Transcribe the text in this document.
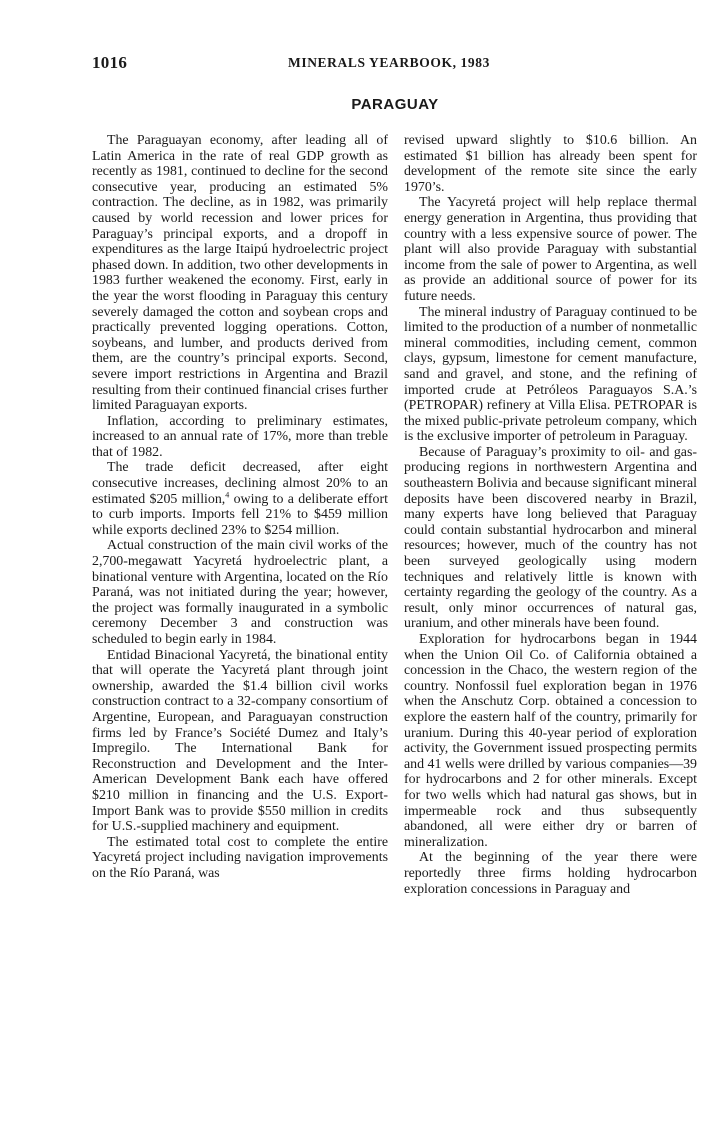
1016	MINERALS YEARBOOK, 1983
PARAGUAY

The Paraguayan economy, after leading all of Latin America in the rate of real GDP growth as recently as 1981, continued to decline for the second consecutive year, producing an estimated 5% contraction. The decline, as in 1982, was primarily caused by world recession and lower prices for Paraguay’s principal exports, and a dropoff in expenditures as the large Itaipú hydroelectric project phased down. In addition, two other developments in 1983 further weakened the economy. First, early in the year the worst flooding in Paraguay this century severely damaged the cotton and soybean crops and practically prevented logging operations. Cotton, soybeans, and lumber, and products derived from them, are the country’s principal exports. Second, severe import restrictions in Argentina and Brazil resulting from their continued financial crises further limited Paraguayan exports.

Inflation, according to preliminary estimates, increased to an annual rate of 17%, more than treble that of 1982.

The trade deficit decreased, after eight consecutive increases, declining almost 20% to an estimated $205 million,$^4$ owing to a deliberate effort to curb imports. Imports fell 21% to $459 million while exports declined 23% to $254 million.

Actual construction of the main civil works of the 2,700-megawatt Yacyretá hydroelectric plant, a binational venture with Argentina, located on the Río Paraná, was not initiated during the year; however, the project was formally inaugurated in a symbolic ceremony December 3 and construction was scheduled to begin early in 1984.

Entidad Binacional Yacyretá, the binational entity that will operate the Yacyretá plant through joint ownership, awarded the $1.4 billion civil works construction contract to a 32-company consortium of Argentine, European, and Paraguayan construction firms led by France’s Société Dumez and Italy’s Impregilo. The International Bank for Reconstruction and Development and the Inter-American Development Bank each have offered $210 million in financing and the U.S. Export-Import Bank was to provide $550 million in credits for U.S.-supplied machinery and equipment.

The estimated total cost to complete the entire Yacyretá project including navigation improvements on the Río Paraná, was

revised upward slightly to $10.6 billion. An estimated $1 billion has already been spent for development of the remote site since the early 1970’s.

The Yacyretá project will help replace thermal energy generation in Argentina, thus providing that country with a less expensive source of power. The plant will also provide Paraguay with substantial income from the sale of power to Argentina, as well as provide an additional source of power for its future needs.

The mineral industry of Paraguay continued to be limited to the production of a number of nonmetallic mineral commodities, including cement, common clays, gypsum, limestone for cement manufacture, sand and gravel, and stone, and the refining of imported crude at Petróleos Paraguayos S.A.’s (PETROPAR) refinery at Villa Elisa. PETROPAR is the mixed public-private petroleum company, which is the exclusive importer of petroleum in Paraguay.

Because of Paraguay’s proximity to oil- and gas-producing regions in northwestern Argentina and southeastern Bolivia and because significant mineral deposits have been discovered nearby in Brazil, many experts have long believed that Paraguay could contain substantial hydrocarbon and mineral resources; however, much of the country has not been surveyed geologically using modern techniques and relatively little is known with certainty regarding the geology of the country. As a result, only minor occurrences of natural gas, uranium, and other minerals have been found.

Exploration for hydrocarbons began in 1944 when the Union Oil Co. of California obtained a concession in the Chaco, the western region of the country. Nonfossil fuel exploration began in 1976 when the Anschutz Corp. obtained a concession to explore the eastern half of the country, primarily for uranium. During this 40-year period of exploration activity, the Government issued prospecting permits and 41 wells were drilled by various companies—39 for hydrocarbons and 2 for other minerals. Except for two wells which had natural gas shows, but in impermeable rock and thus subsequently abandoned, all were either dry or barren of mineralization.

At the beginning of the year there were reportedly three firms holding hydrocarbon exploration concessions in Paraguay and
